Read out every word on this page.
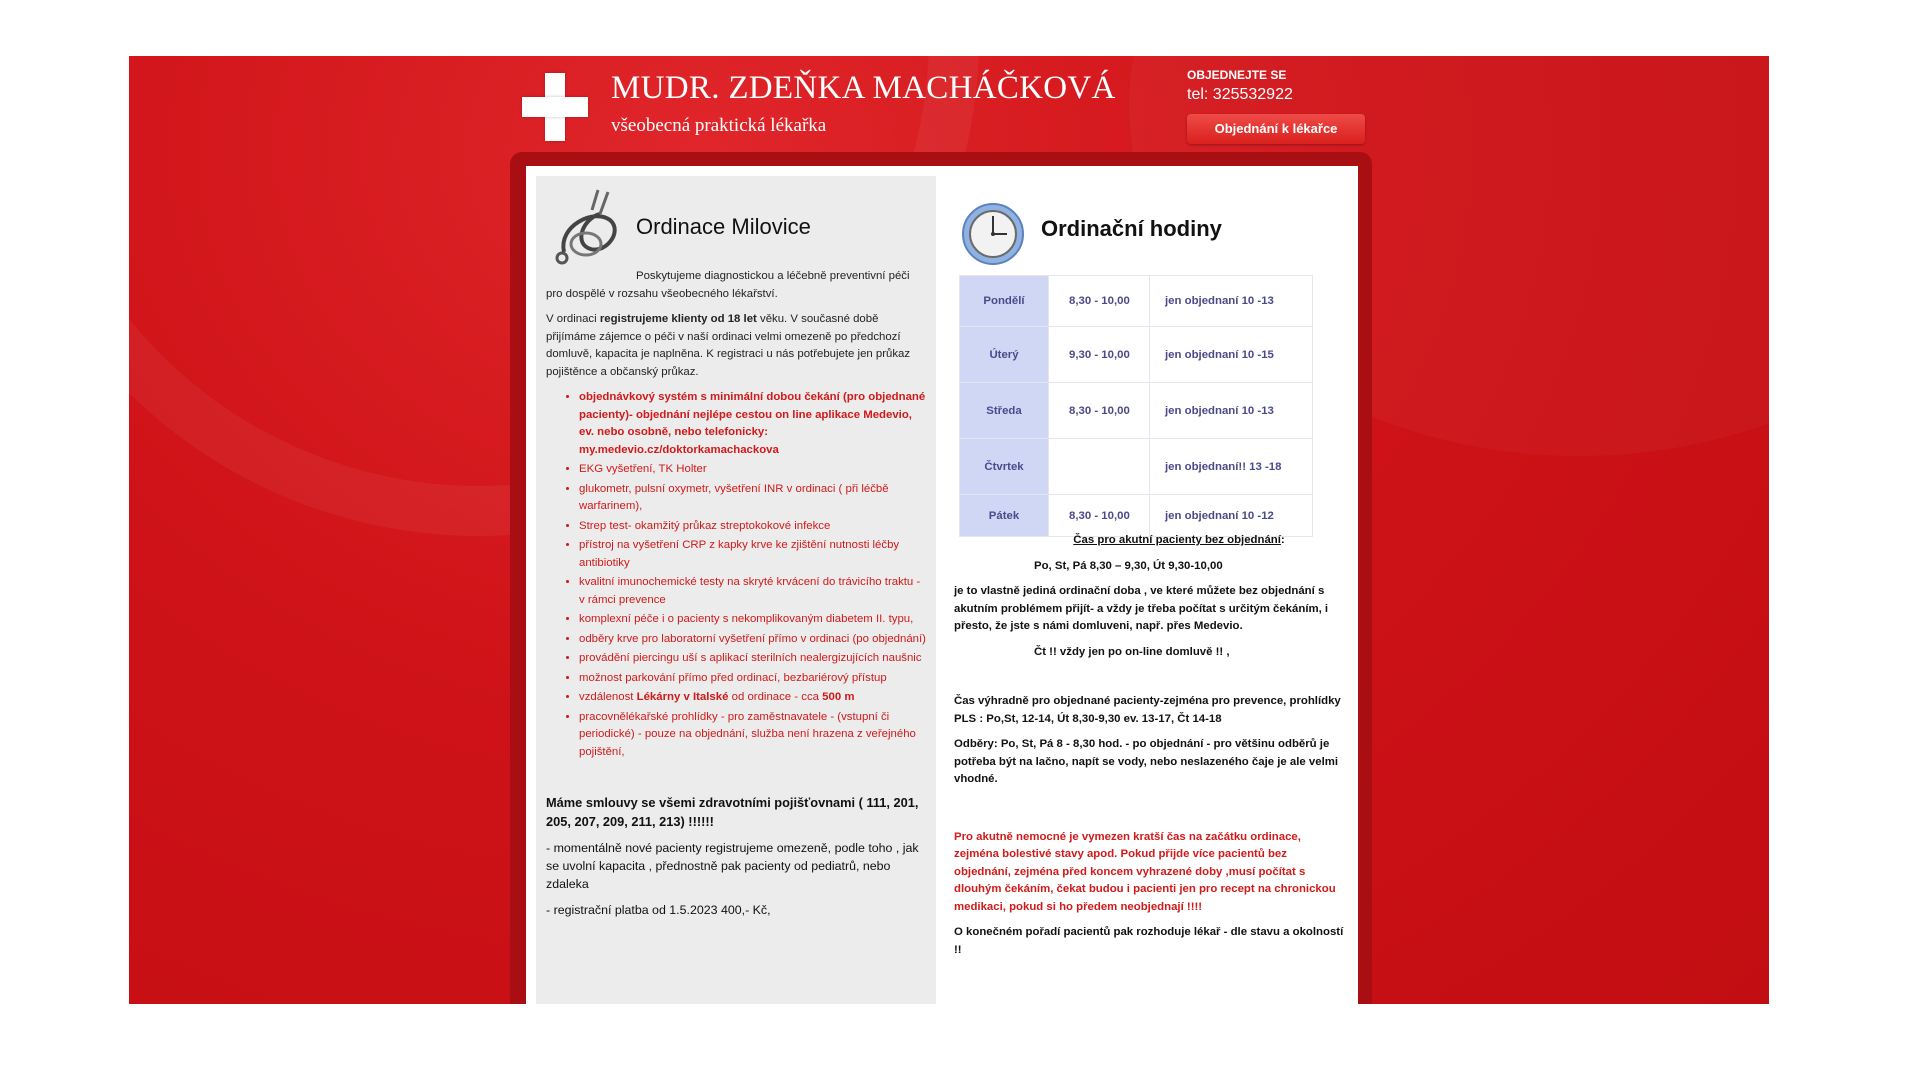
MUDR. ZDEŇKA MACHÁČKOVÁ
všeobecná praktická lékařka
OBJEDNEJTE SE
tel: 325532922
Objednání k lékařce
Ordinace Milovice

Poskytujeme diagnostickou a léčebně preventivní péči pro dospělé v rozsahu všeobecného lékařství.

V ordinaci registrujeme klienty od 18 let věku. V současné době přijímáme zájemce o péči v naší ordinaci velmi omezeně po předchozí domluvě, kapacita je naplněna. K registraci u nás potřebujete jen průkaz pojištěnce a občanský průkaz.

• objednávkový systém s minimální dobou čekání (pro objednané pacienty)- objednání nejlépe cestou on line aplikace Medevio, ev. nebo osobně, nebo telefonicky: my.medevio.cz/doktorkamachackova
• EKG vyšetření, TK Holter
• glukometr, pulsní oxymetr, vyšetření INR v ordinaci ( při léčbě warfarinem),
• Strep test- okamžitý průkaz streptokokové infekce
• přístroj na vyšetření CRP z kapky krve ke zjištění nutnosti léčby antibiotiky
• kvalitní imunochemické testy na skryté krvácení do trávicího traktu - v rámci prevence
• komplexní péče i o pacienty s nekomplikovaným diabetem II. typu,
• odběry krve pro laboratorní vyšetření přímo v ordinaci (po objednání)
• provádění piercingu uší s aplikací sterilních nealergizujících naušnic
• možnost parkování přímo před ordinací, bezbariérový přístup
• vzdálenost Lékárny v Italské od ordinace - cca 500 m
• pracovnělékařské prohlídky - pro zaměstnavatele - (vstupní či periodické) - pouze na objednání, služba není hrazena z veřejného pojištění,

Máme smlouvy se všemi zdravotními pojišťovnami ( 111, 201, 205, 207, 209, 211, 213) !!!!!!

- momentálně nové pacienty registrujeme omezeně, podle toho , jak se uvolní kapacita , přednostně pak pacienty od pediatrů, nebo zdaleka

- registrační platba od 1.5.2023 400,- Kč,

Ordinační hodiny
Pondělí	8,30 - 10,00	jen objednaní 10 -13
Úterý	9,30 - 10,00	jen objednaní 10 -15
Středa	8,30 - 10,00	jen objednaní 10 -13
Čtvrtek		jen objednaní!! 13 -18
Pátek	8,30 - 10,00	jen objednaní 10 -12

Čas pro akutní pacienty bez objednání:

Po, St, Pá 8,30 – 9,30, Út 9,30-10,00

je to vlastně jediná ordinační doba , ve které můžete bez objednání s akutním problémem přijít- a vždy je třeba počítat s určitým čekáním, i přesto, že jste s námi domluveni, např. přes Medevio.

Čt !! vždy jen po on-line domluvě !! ,

Čas výhradně pro objednané pacienty-zejména pro prevence, prohlídky PLS : Po,St, 12-14, Út 8,30-9,30 ev. 13-17, Čt 14-18

Odběry: Po, St, Pá 8 - 8,30 hod. - po objednání - pro většinu odběrů je potřeba být na lačno, napít se vody, nebo neslazeného čaje je ale velmi vhodné.

Pro akutně nemocné je vymezen kratší čas na začátku ordinace, zejména bolestivé stavy apod. Pokud přijde více pacientů bez objednání, zejména před koncem vyhrazené doby ,musí počítat s dlouhým čekáním, čekat budou i pacienti jen pro recept na chronickou medikaci, pokud si ho předem neobjednají !!!!

O konečném pořadí pacientů pak rozhoduje lékař - dle stavu a okolností !!
